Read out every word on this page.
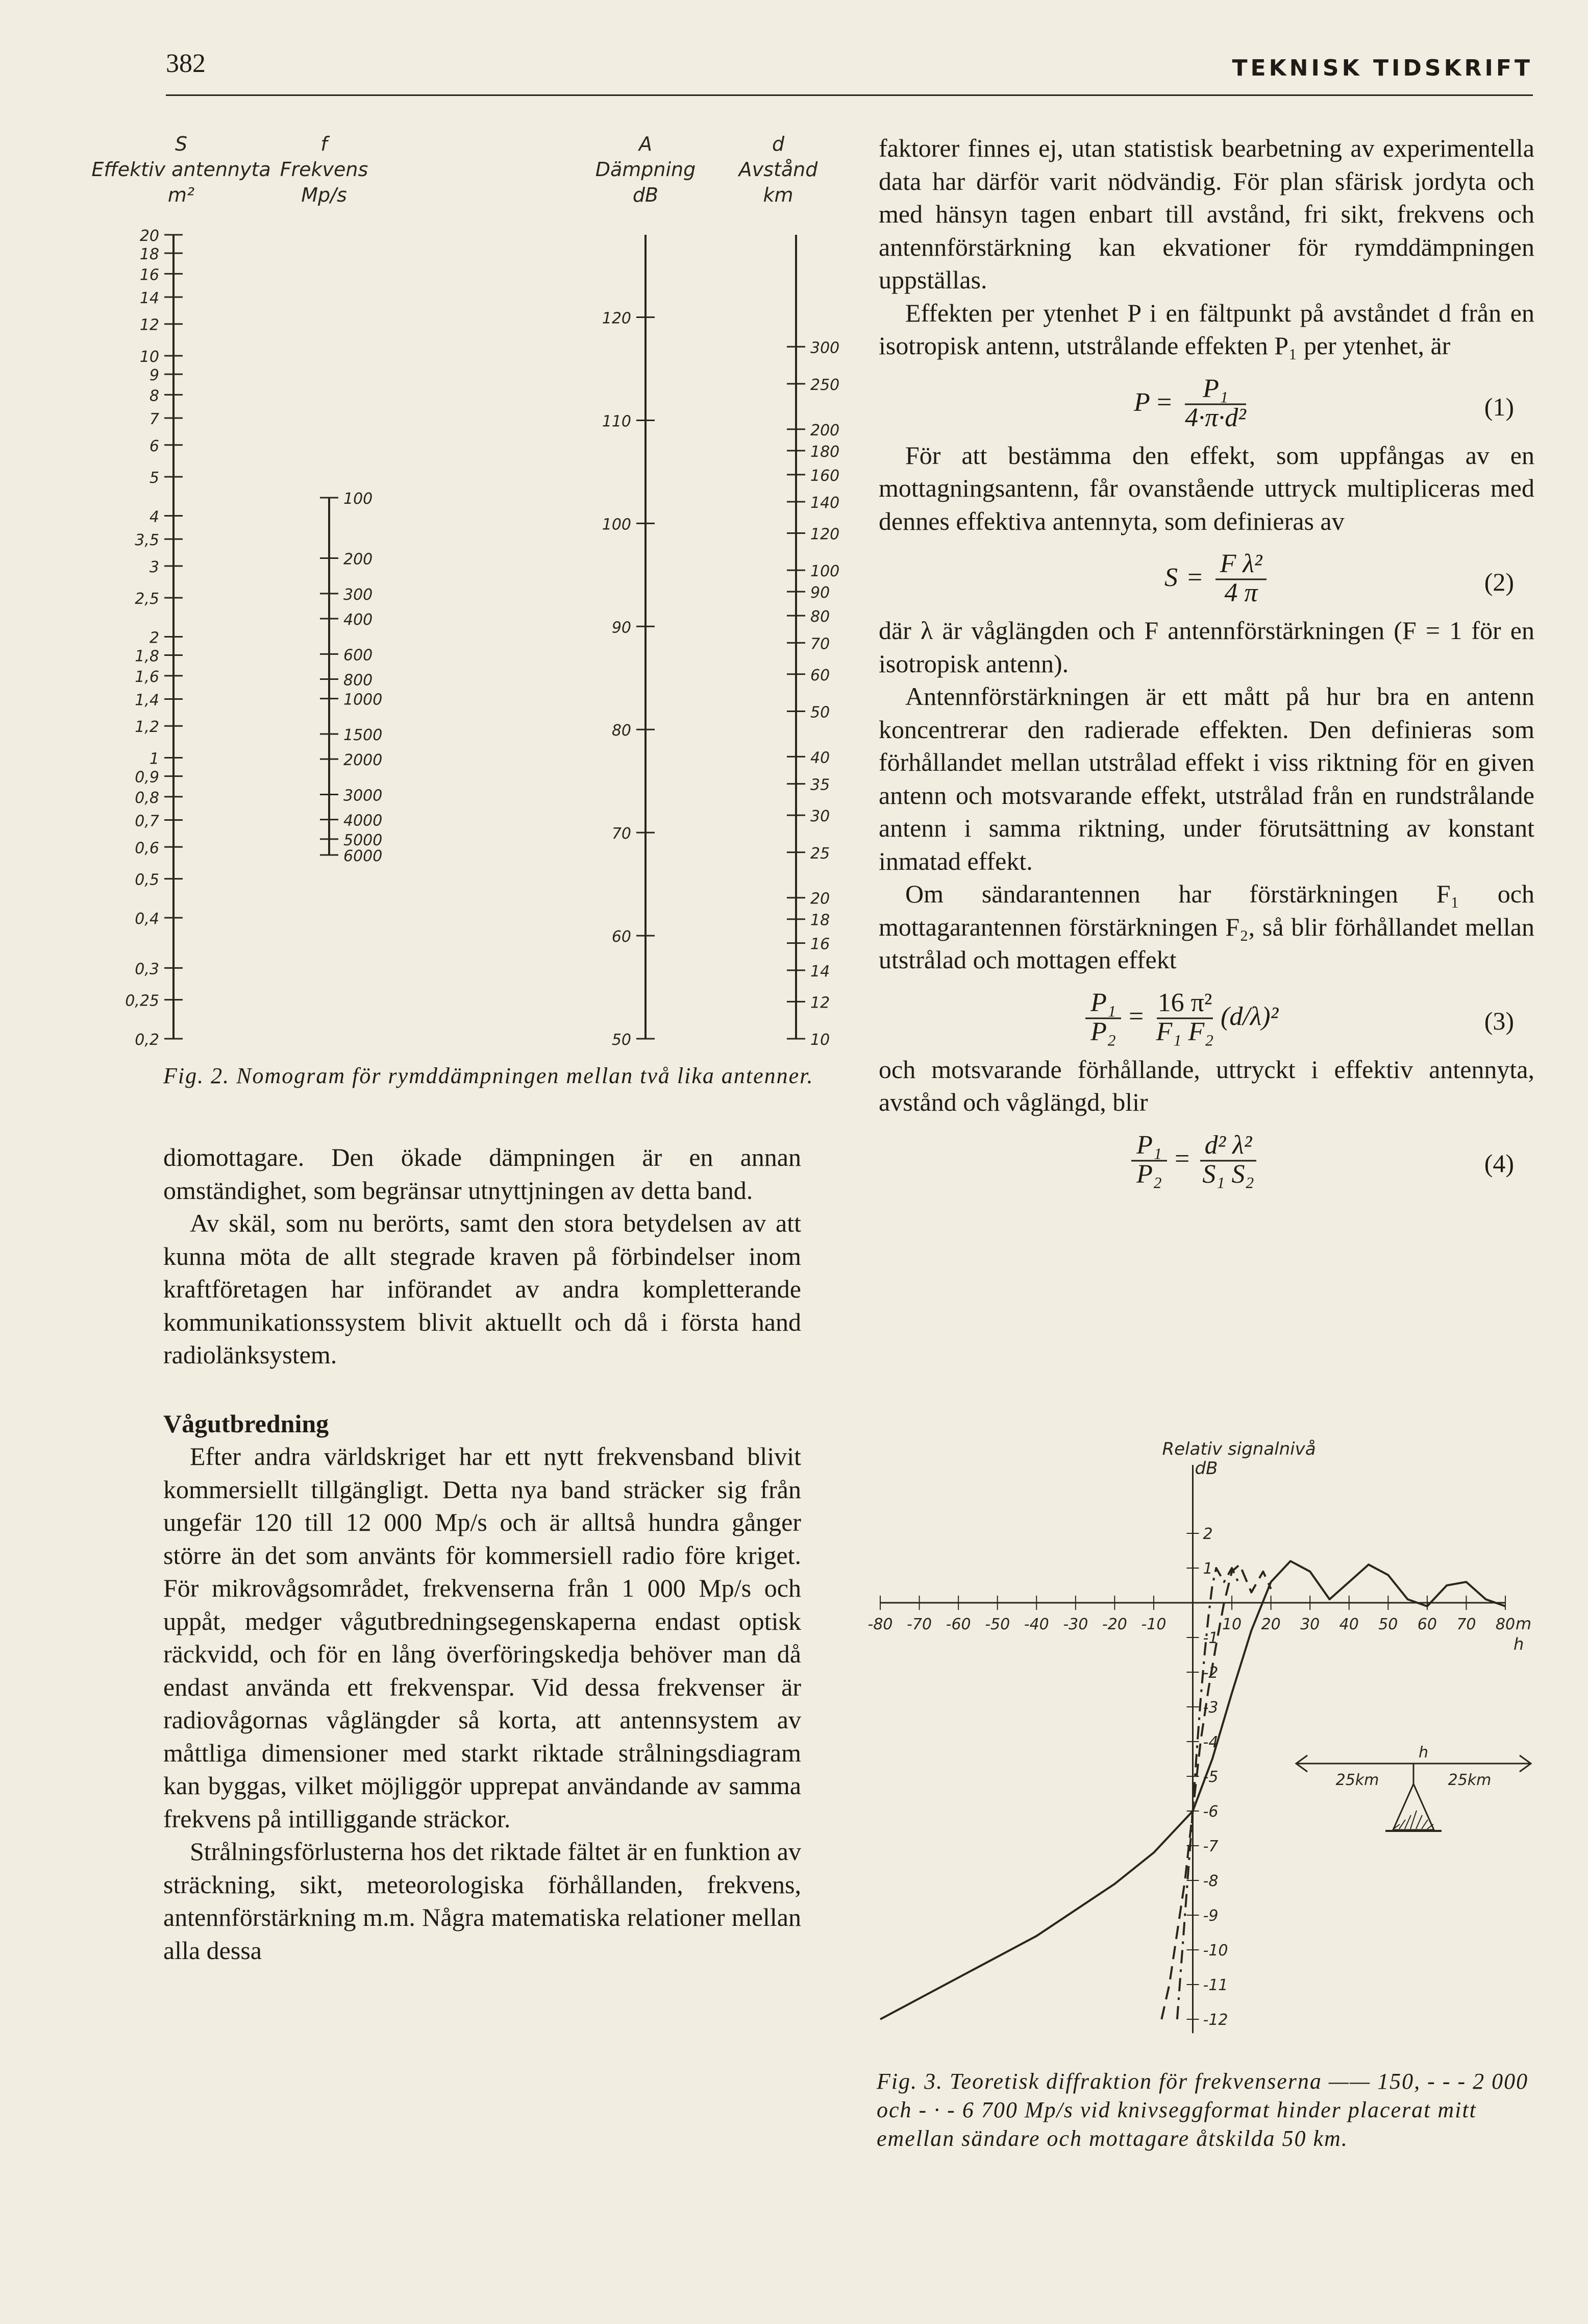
382	TEKNISK TIDSKRIFT
S
Effektiv antennyta
m²
20
18
16
14
12
10
9
8
7
6
5
4
3,5
3
2,5
2
1,8
1,6
1,4
1,2
1
0,9
0,8
0,7
0,6
0,5
0,4
0,3
0,25
0,2
f
Frekvens
Mp/s
100
200
300
400
600
800
1000
1500
2000
3000
4000
5000
6000
A
Dämpning
dB
120
110
100
90
80
70
60
50
d
Avstånd
km
300
250
200
180
160
140
120
100
90
80
70
60
50
40
35
30
25
20
18
16
14
12
10
Fig. 2. Nomogram för rymddämpningen mellan två lika antenner.

diomottagare. Den ökade dämpningen är en annan omständighet, som begränsar utnyttjningen av detta band.

Av skäl, som nu berörts, samt den stora betydelsen av att kunna möta de allt stegrade kraven på förbindelser inom kraftföretagen har införandet av andra kompletterande kommunikationssystem blivit aktuellt och då i första hand radiolänksystem.

Vågutbredning

Efter andra världskriget har ett nytt frekvensband blivit kommersiellt tillgängligt. Detta nya band sträcker sig från ungefär 120 till 12 000 Mp/s och är alltså hundra gånger större än det som använts för kommersiell radio före kriget. För mikrovågsområdet, frekvenserna från 1 000 Mp/s och uppåt, medger vågutbredningsegenskaperna endast optisk räckvidd, och för en lång överföringskedja behöver man då endast använda ett frekvenspar. Vid dessa frekvenser är radiovågornas våglängder så korta, att antennsystem av måttliga dimensioner med starkt riktade strålningsdiagram kan byggas, vilket möjliggör upprepat användande av samma frekvens på intilliggande sträckor.

Strålningsförlusterna hos det riktade fältet är en funktion av sträckning, sikt, meteorologiska förhållanden, frekvens, antennförstärkning m.m. Några matematiska relationer mellan alla dessa

faktorer finnes ej, utan statistisk bearbetning av experimentella data har därför varit nödvändig. För plan sfärisk jordyta och med hänsyn tagen enbart till avstånd, fri sikt, frekvens och antennförstärkning kan ekvationer för rymddämpningen uppställas.

Effekten per ytenhet P i en fältpunkt på avståndet d från en isotropisk antenn, utstrålande effekten P₁ per ytenhet, är

P = P₁
4·π·d²	(1)

För att bestämma den effekt, som uppfångas av en mottagningsantenn, får ovanstående uttryck multipliceras med dennes effektiva antennyta, som definieras av

S = F λ²
4 π	(2)

där λ är våglängden och F antennförstärkningen (F = 1 för en isotropisk antenn).

Antennförstärkningen är ett mått på hur bra en antenn koncentrerar den radierade effekten. Den definieras som förhållandet mellan utstrålad effekt i viss riktning för en given antenn och motsvarande effekt, utstrålad från en rundstrålande antenn i samma riktning, under förutsättning av konstant inmatad effekt.

Om sändarantennen har förstärkningen F₁ och mottagarantennen förstärkningen F₂, så blir förhållandet mellan utstrålad och mottagen effekt

P₁
P₂
= 16 π²
F₁ F₂
(d/λ)²	(3)

och motsvarande förhållande, uttryckt i effektiv antennyta, avstånd och våglängd, blir

P₁
P₂
= d² λ²
S₁ S₂	(4)
Relativ signalnivå
dB
-80 -70 -60 -50 -40 -30 -20 -10	10 20 30 40 50 60 70 80 m
h
2
1
-1
-2
-3
-4
-5
-6
-7
-8
-9
-10
-11
-12
25km	25km
h
Fig. 3. Teoretisk diffraktion för frekvenserna —— 150, - - - 2 000 och - · - 6 700 Mp/s vid knivseggformat hinder placerat mitt emellan sändare och mottagare åtskilda 50 km.
